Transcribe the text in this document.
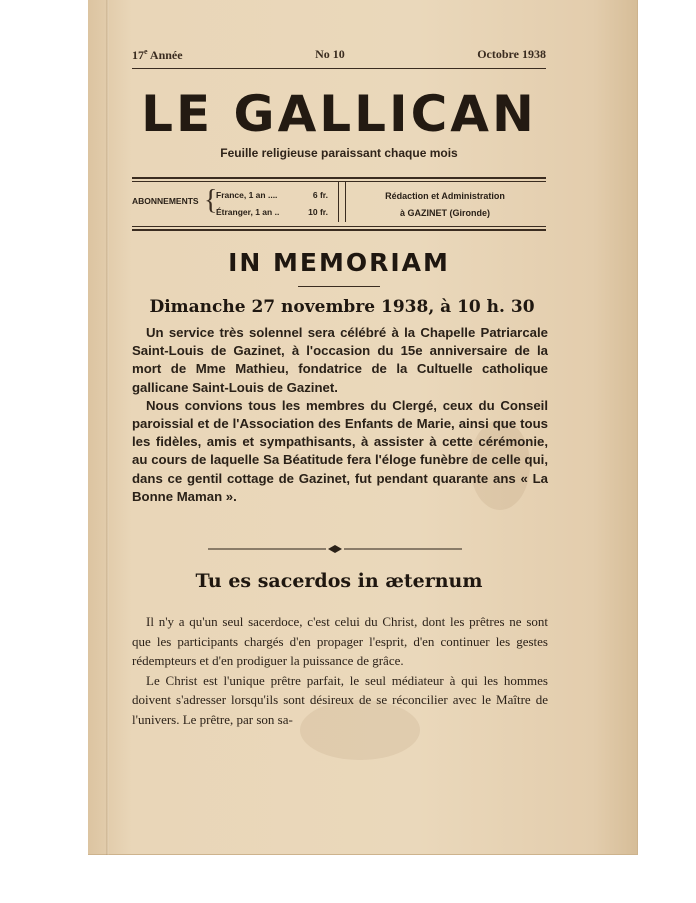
17e Année	No 10	Octobre 1938
LE GALLICAN
Feuille religieuse paraissant chaque mois
ABONNEMENTS {
France, 1 an ....	6 fr.
Étranger, 1 an ..	10 fr.
Rédaction et Administration
à GAZINET (Gironde)
IN MEMORIAM
Dimanche 27 novembre 1938, à 10 h. 30

Un service très solennel sera célébré à la Chapelle Patriarcale Saint-Louis de Gazinet, à l'occasion du 15e anniversaire de la mort de Mme Mathieu, fondatrice de la Cultuelle catholique gallicane Saint-Louis de Gazinet.

Nous convions tous les membres du Clergé, ceux du Conseil paroissial et de l'Association des Enfants de Marie, ainsi que tous les fidèles, amis et sympathisants, à assister à cette cérémonie, au cours de laquelle Sa Béatitude fera l'éloge funèbre de celle qui, dans ce gentil cottage de Gazinet, fut pendant quarante ans « La Bonne Maman ».

Tu es sacerdos in æternum

Il n'y a qu'un seul sacerdoce, c'est celui du Christ, dont les prêtres ne sont que les participants chargés d'en propager l'esprit, d'en continuer les gestes rédempteurs et d'en prodiguer la puissance de grâce.

Le Christ est l'unique prêtre parfait, le seul médiateur à qui les hommes doivent s'adresser lorsqu'ils sont désireux de se réconcilier avec le Maître de l'univers. Le prêtre, par son sa-
